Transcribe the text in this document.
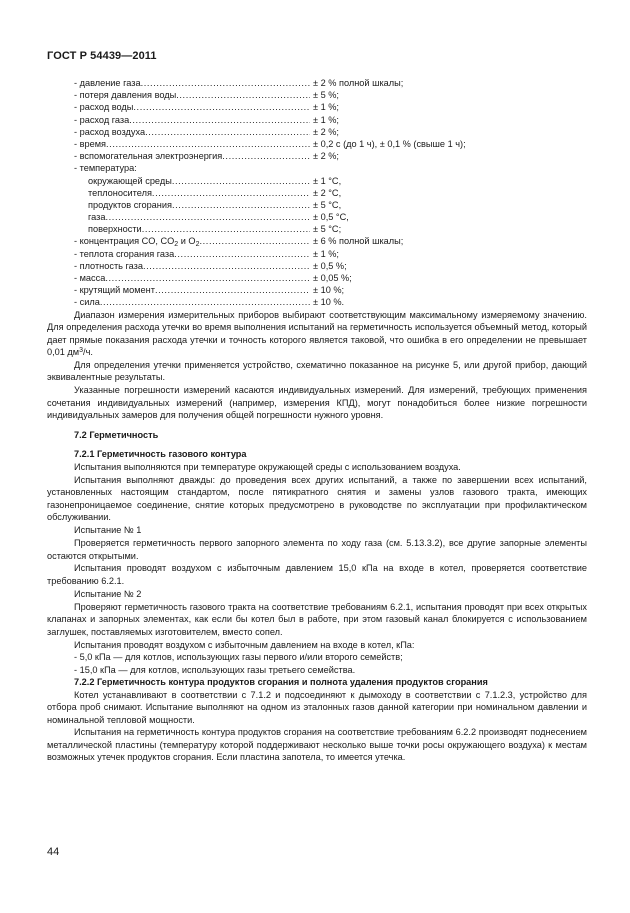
ГОСТ Р 54439—2011
- давление газа .....	± 2 % полной шкалы;
- потеря давления воды .....	± 5 %;
- расход воды .....	± 1 %;
- расход газа .....	± 1 %;
- расход воздуха .....	± 2 %;
- время .....	± 0,2 с (до 1 ч), ± 0,1 % (свыше 1 ч);
- вспомогательная электроэнергия .....	± 2 %;
- температура:
окружающей среды .....	± 1 °С,
теплоносителя .....	± 2 °С,
продуктов сгорания .....	± 5 °С,
газа .....	± 0,5 °С,
поверхности .....	± 5 °С;
- концентрация CO, $CO_2$ и $O_2$ .....	± 6 % полной шкалы;
- теплота сгорания газа .....	± 1 %;
- плотность газа .....	± 0,5 %;
- масса .....	± 0,05 %;
- крутящий момент .....	± 10 %;
- сила .....	± 10 %.

Диапазон измерения измерительных приборов выбирают соответствующим максимальному измеряемому значению. Для определения расхода утечки во время выполнения испытаний на герметичность используется объемный метод, который дает прямые показания расхода утечки и точность которого является таковой, что ошибка в его определении не превышает 0,01 $дм^3/ч$.

Для определения утечки применяется устройство, схематично показанное на рисунке 5, или другой прибор, дающий эквивалентные результаты.

Указанные погрешности измерений касаются индивидуальных измерений. Для измерений, требующих применения сочетания индивидуальных измерений (например, измерения КПД), могут понадобиться более низкие погрешности индивидуальных замеров для получения общей погрешности нужного уровня.

7.2 Герметичность

7.2.1 Герметичность газового контура

Испытания выполняются при температуре окружающей среды с использованием воздуха.

Испытания выполняют дважды: до проведения всех других испытаний, а также по завершении всех испытаний, установленных настоящим стандартом, после пятикратного снятия и замены узлов газового тракта, имеющих газонепроницаемое соединение, снятие которых предусмотрено в руководстве по эксплуатации при профилактическом обслуживании.

Испытание № 1

Проверяется герметичность первого запорного элемента по ходу газа (см. 5.13.3.2), все другие запорные элементы остаются открытыми.

Испытания проводят воздухом с избыточным давлением 15,0 кПа на входе в котел, проверяется соответствие требованию 6.2.1.

Испытание № 2

Проверяют герметичность газового тракта на соответствие требованиям 6.2.1, испытания проводят при всех открытых клапанах и запорных элементах, как если бы котел был в работе, при этом газовый канал блокируется с использованием заглушек, поставляемых изготовителем, вместо сопел.

Испытания проводят воздухом с избыточным давлением на входе в котел, кПа:

- 5,0 кПа — для котлов, использующих газы первого и/или второго семейств;

- 15,0 кПа — для котлов, использующих газы третьего семейства.

7.2.2 Герметичность контура продуктов сгорания и полнота удаления продуктов сгорания

Котел устанавливают в соответствии с 7.1.2 и подсоединяют к дымоходу в соответствии с 7.1.2.3, устройство для отбора проб снимают. Испытание выполняют на одном из эталонных газов данной категории при номинальном давлении и номинальной тепловой мощности.

Испытания на герметичность контура продуктов сгорания на соответствие требованиям 6.2.2 производят поднесением металлической пластины (температуру которой поддерживают несколько выше точки росы окружающего воздуха) к местам возможных утечек продуктов сгорания. Если пластина запотела, то имеется утечка.

44
